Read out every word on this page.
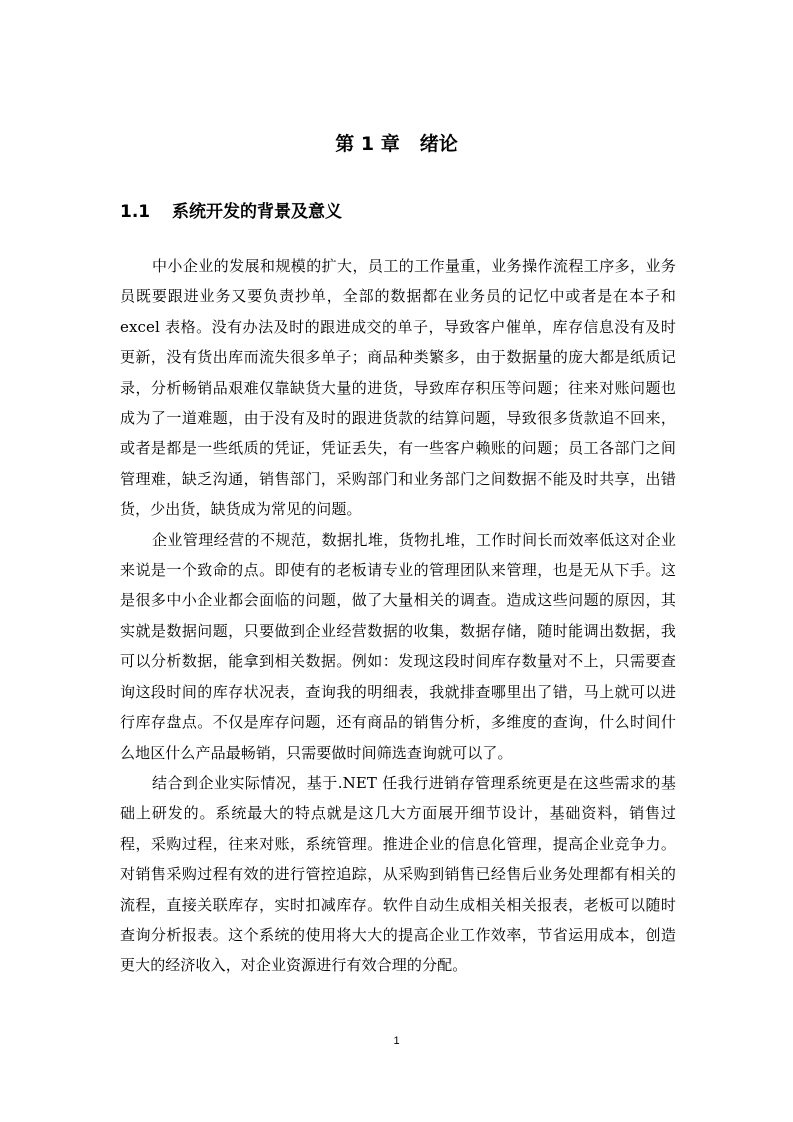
第 1 章 绪论
1.1 系统开发的背景及意义

中小企业的发展和规模的扩大，员工的工作量重，业务操作流程工序多，业务员既要跟进业务又要负责抄单，全部的数据都在业务员的记忆中或者是在本子和 excel 表格。没有办法及时的跟进成交的单子，导致客户催单，库存信息没有及时更新，没有货出库而流失很多单子；商品种类繁多，由于数据量的庞大都是纸质记录，分析畅销品艰难仅靠缺货大量的进货，导致库存积压等问题；往来对账问题也成为了一道难题，由于没有及时的跟进货款的结算问题，导致很多货款追不回来，或者是都是一些纸质的凭证，凭证丢失，有一些客户赖账的问题；员工各部门之间管理难，缺乏沟通，销售部门，采购部门和业务部门之间数据不能及时共享，出错货，少出货，缺货成为常见的问题。

企业管理经营的不规范，数据扎堆，货物扎堆，工作时间长而效率低这对企业来说是一个致命的点。即使有的老板请专业的管理团队来管理，也是无从下手。这是很多中小企业都会面临的问题，做了大量相关的调查。造成这些问题的原因，其实就是数据问题，只要做到企业经营数据的收集，数据存储，随时能调出数据，我可以分析数据，能拿到相关数据。例如：发现这段时间库存数量对不上，只需要查询这段时间的库存状况表，查询我的明细表，我就排查哪里出了错，马上就可以进行库存盘点。不仅是库存问题，还有商品的销售分析，多维度的查询，什么时间什么地区什么产品最畅销，只需要做时间筛选查询就可以了。

结合到企业实际情况，基于.NET 任我行进销存管理系统更是在这些需求的基础上研发的。系统最大的特点就是这几大方面展开细节设计，基础资料，销售过程，采购过程，往来对账，系统管理。推进企业的信息化管理，提高企业竞争力。对销售采购过程有效的进行管控追踪，从采购到销售已经售后业务处理都有相关的流程，直接关联库存，实时扣减库存。软件自动生成相关相关报表，老板可以随时查询分析报表。这个系统的使用将大大的提高企业工作效率，节省运用成本，创造更大的经济收入，对企业资源进行有效合理的分配。

1
